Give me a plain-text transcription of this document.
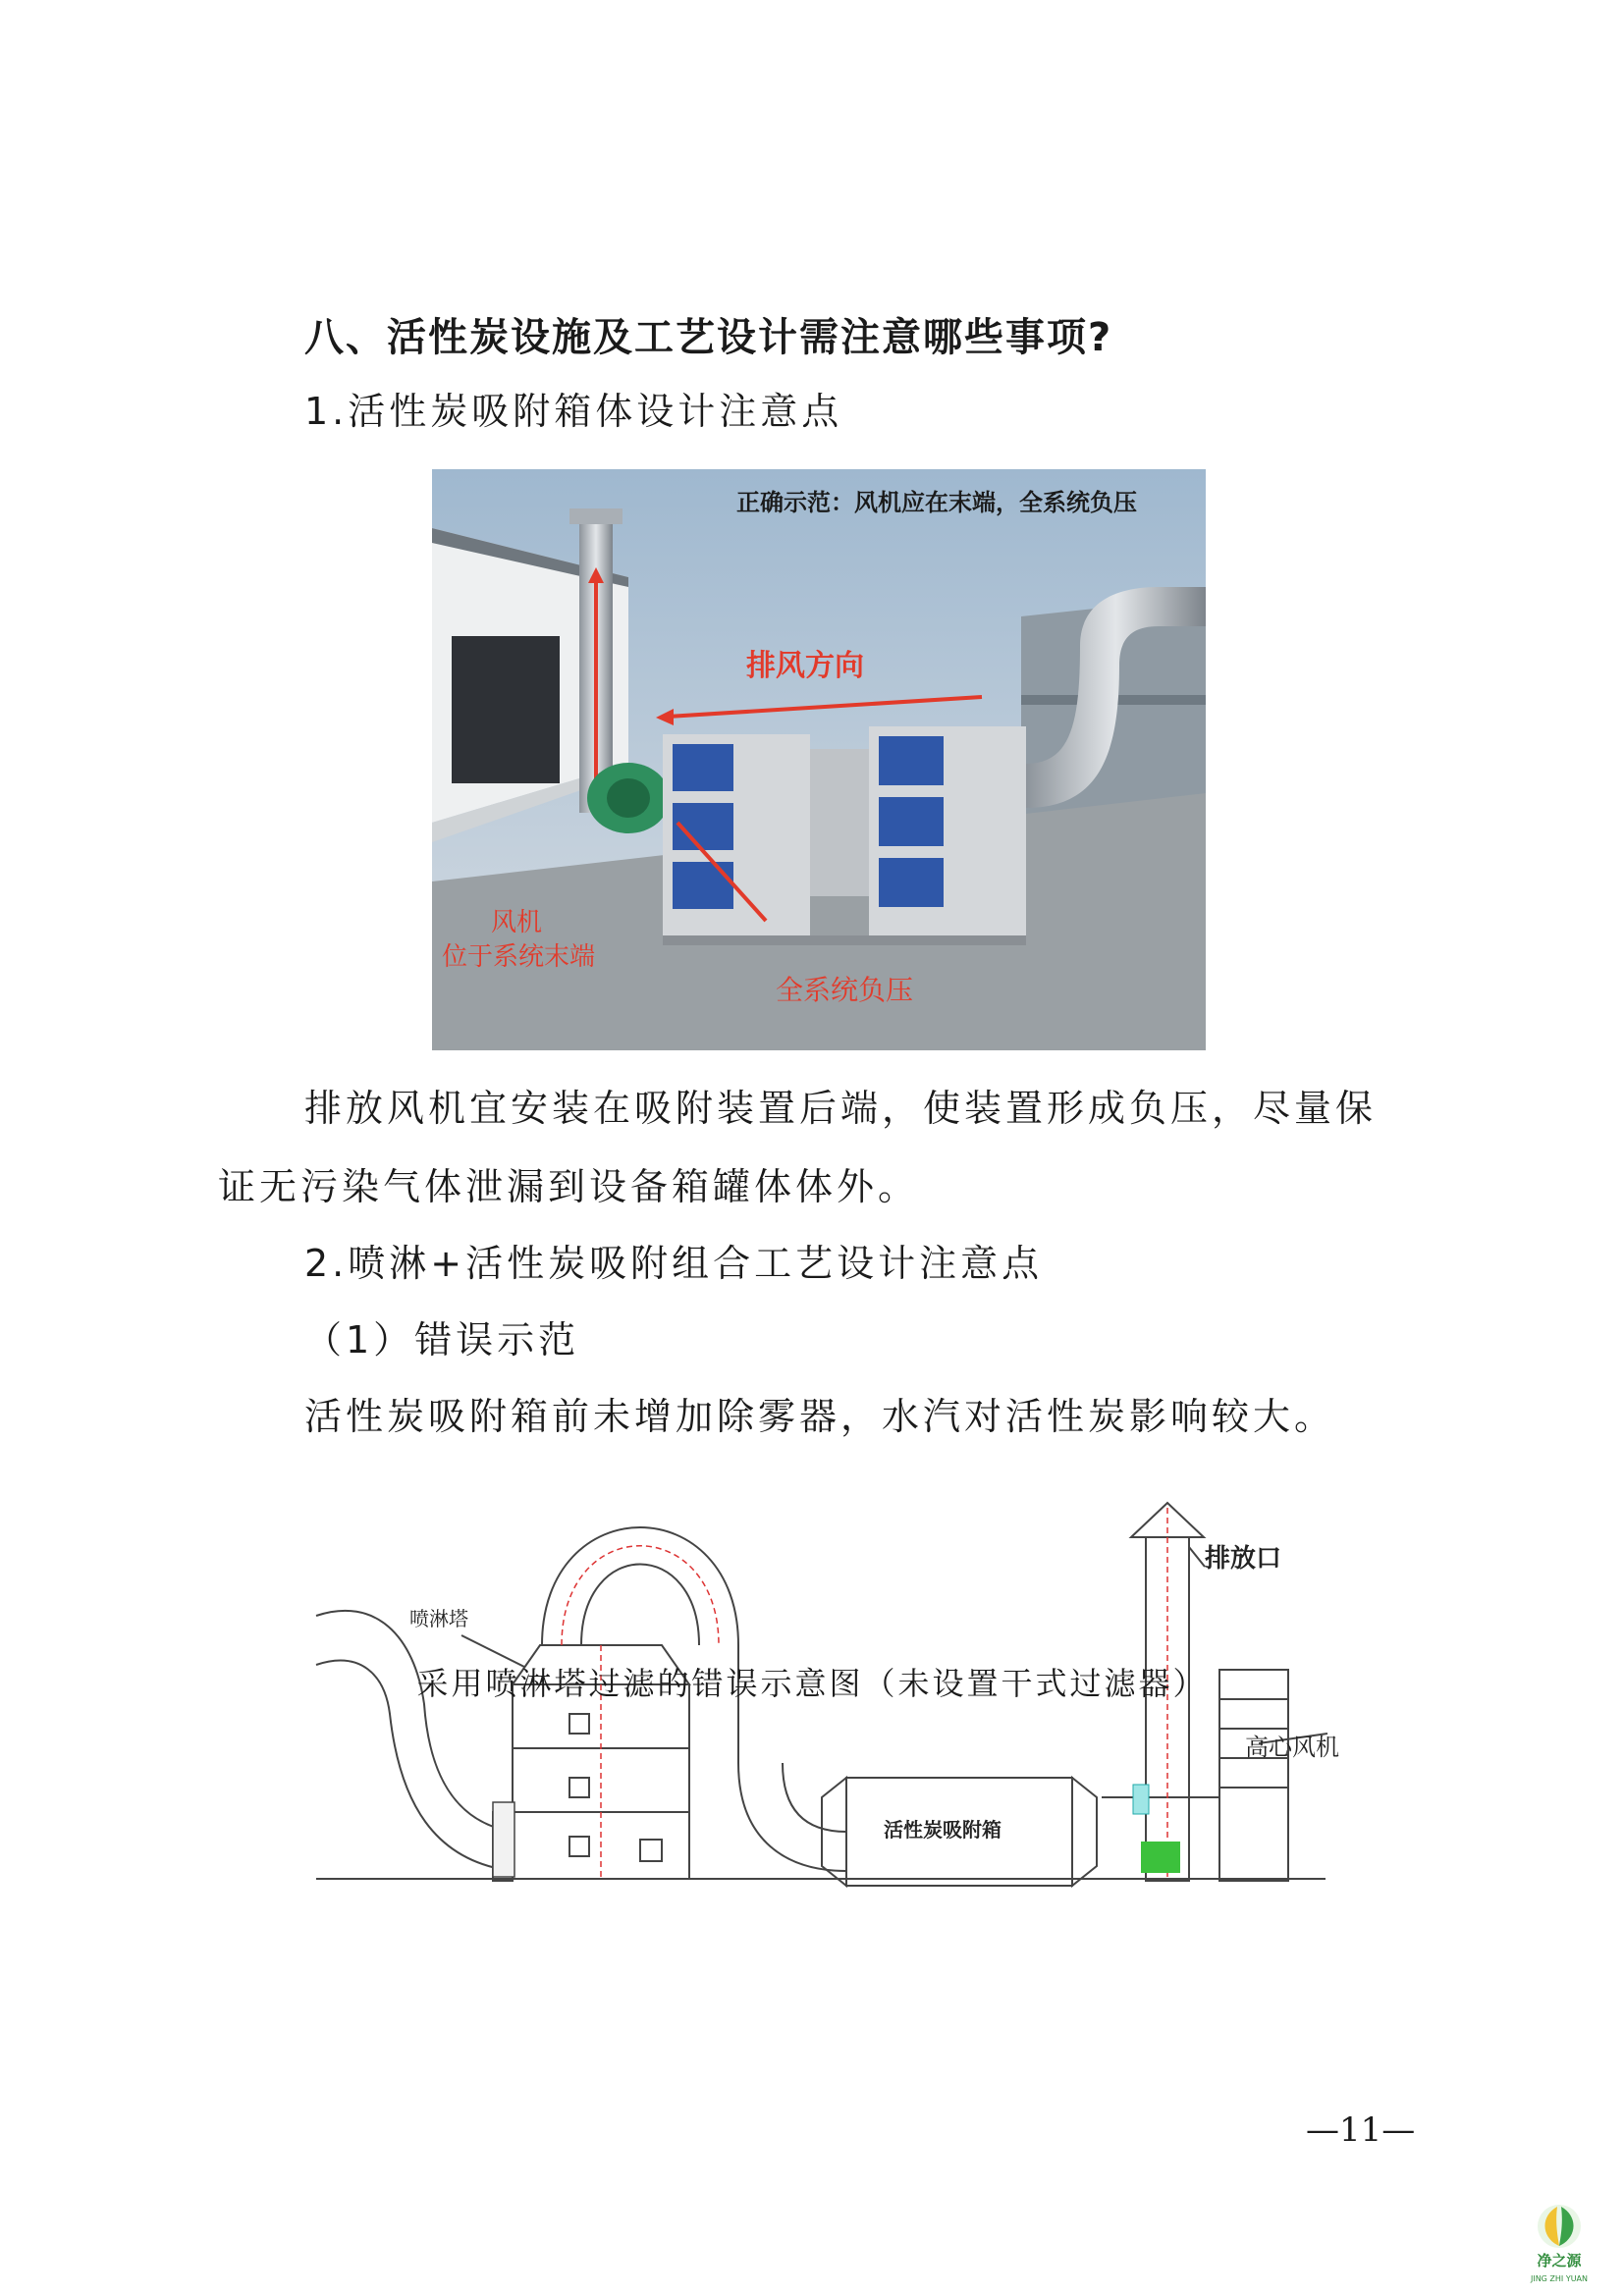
八、活性炭设施及工艺设计需注意哪些事项?
1.活性炭吸附箱体设计注意点
正确示范：风机应在末端，全系统负压
排风方向
风机
位于系统末端
全系统负压
排放风机宜安装在吸附装置后端，使装置形成负压，尽量保
证无污染气体泄漏到设备箱罐体体外。
2.喷淋+活性炭吸附组合工艺设计注意点
（1）错误示范
活性炭吸附箱前未增加除雾器，水汽对活性炭影响较大。
喷淋塔
排放口
活性炭吸附箱
高心风机
采用喷淋塔过滤的错误示意图（未设置干式过滤器）
—11—
净之源
JING ZHI YUAN
